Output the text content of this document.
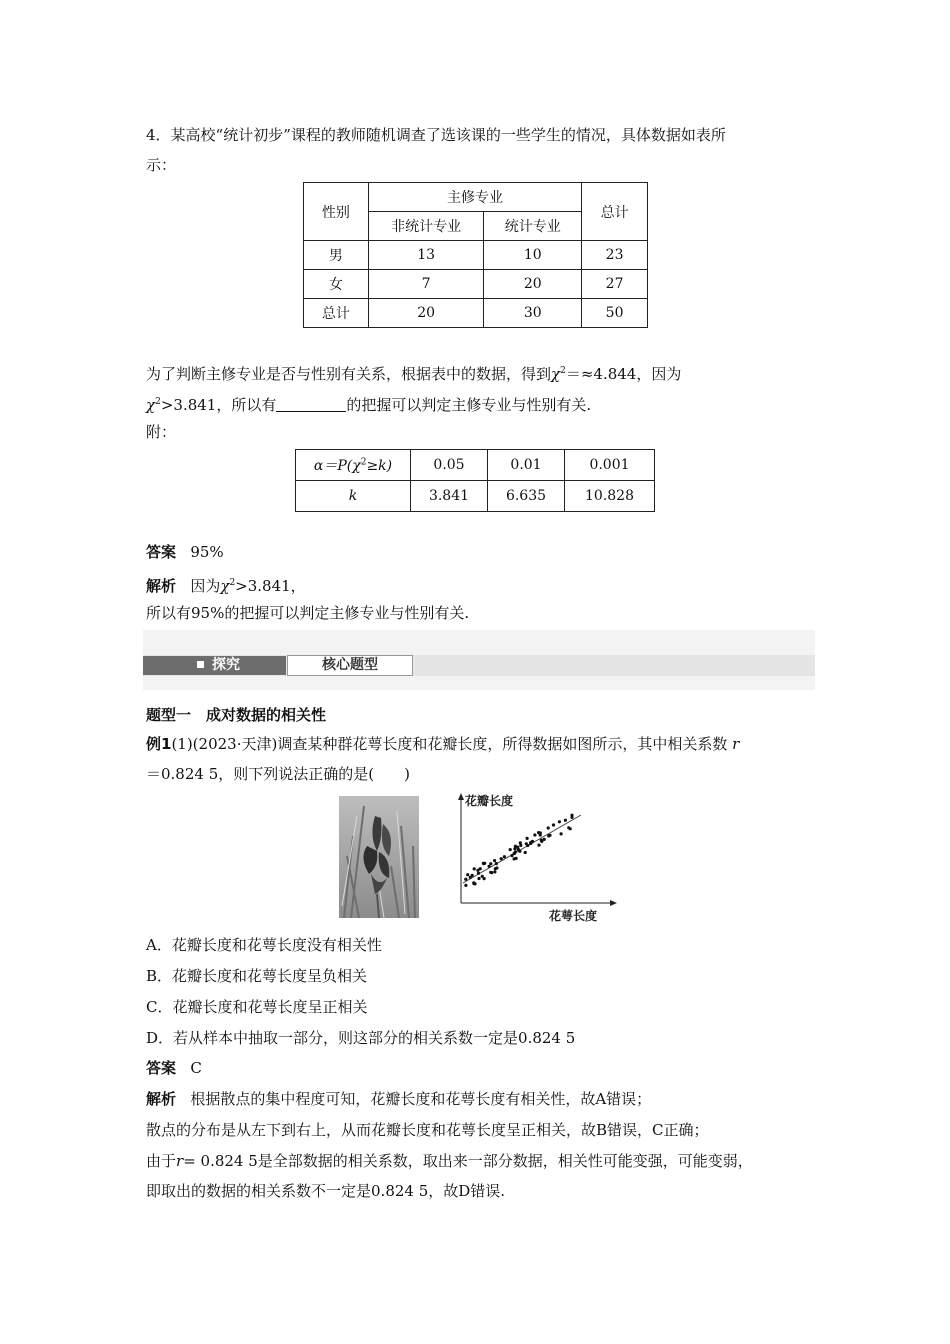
4．某高校“统计初步”课程的教师随机调查了选该课的一些学生的情况，具体数据如表所
示：
性别	主修专业		总计
	非统计专业	统计专业	
男	13	10	23
女	7	20	27
总计	20	30	50
为了判断主修专业是否与性别有关系，根据表中的数据，得到$\chi^2=\approx 4.844$，因为
$\chi^2>3.841$，所以有	的把握可以判定主修专业与性别有关.
附：
$\alpha=P(\chi^2\ge k)$	0.05	0.01	0.001
k	3.841	6.635	10.828
答案 95%
解析 因为$\chi^2>3.841$，
所以有95%的把握可以判定主修专业与性别有关.
探究	核心题型
题型一　成对数据的相关性
例1(1)(2023·天津)调查某种群花萼长度和花瓣长度，所得数据如图所示，其中相关系数 r
＝0.824 5，则下列说法正确的是(　　)
花瓣长度
花萼长度
A．花瓣长度和花萼长度没有相关性
B．花瓣长度和花萼长度呈负相关
C．花瓣长度和花萼长度呈正相关
D．若从样本中抽取一部分，则这部分的相关系数一定是0.824 5
答案 C
解析 根据散点的集中程度可知，花瓣长度和花萼长度有相关性，故A错误；
散点的分布是从左下到右上，从而花瓣长度和花萼长度呈正相关，故B错误，C正确；
由于r= 0.824 5是全部数据的相关系数，取出来一部分数据，相关性可能变强，可能变弱，
即取出的数据的相关系数不一定是0.824 5，故D错误.
